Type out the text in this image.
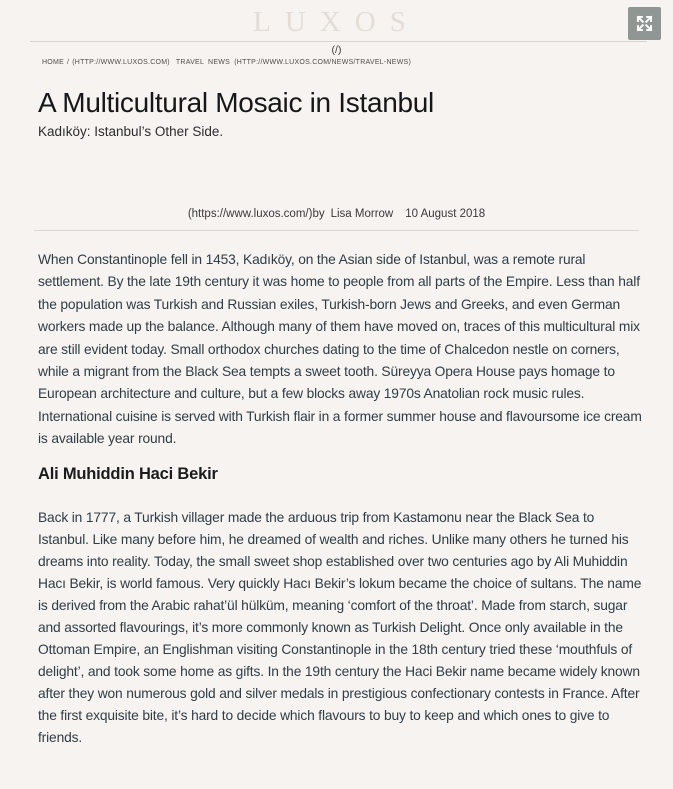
LUXOS
(/)
HOME / (HTTP://WWW.LUXOS.COM) TRAVEL NEWS (HTTP://WWW.LUXOS.COM/NEWS/TRAVEL-NEWS)
A Multicultural Mosaic in Istanbul
Kadıköy: Istanbul’s Other Side.
(https://www.luxos.com/)by Lisa Morrow 10 August 2018

When Constantinople fell in 1453, Kadıköy, on the Asian side of Istanbul, was a remote rural settlement. By the late 19th century it was home to people from all parts of the Empire. Less than half the population was Turkish and Russian exiles, Turkish-born Jews and Greeks, and even German workers made up the balance. Although many of them have moved on, traces of this multicultural mix are still evident today. Small orthodox churches dating to the time of Chalcedon nestle on corners, while a migrant from the Black Sea tempts a sweet tooth. Süreyya Opera House pays homage to European architecture and culture, but a few blocks away 1970s Anatolian rock music rules. International cuisine is served with Turkish flair in a former summer house and flavoursome ice cream is available year round.

Ali Muhiddin Haci Bekir

Back in 1777, a Turkish villager made the arduous trip from Kastamonu near the Black Sea to Istanbul. Like many before him, he dreamed of wealth and riches. Unlike many others he turned his dreams into reality. Today, the small sweet shop established over two centuries ago by Ali Muhiddin Hacı Bekir, is world famous. Very quickly Hacı Bekir’s lokum became the choice of sultans. The name is derived from the Arabic rahat’ül hülküm, meaning ‘comfort of the throat’. Made from starch, sugar and assorted flavourings, it’s more commonly known as Turkish Delight. Once only available in the Ottoman Empire, an Englishman visiting Constantinople in the 18th century tried these ‘mouthfuls of delight’, and took some home as gifts. In the 19th century the Haci Bekir name became widely known after they won numerous gold and silver medals in prestigious confectionary contests in France. After the first exquisite bite, it’s hard to decide which flavours to buy to keep and which ones to give to friends.
